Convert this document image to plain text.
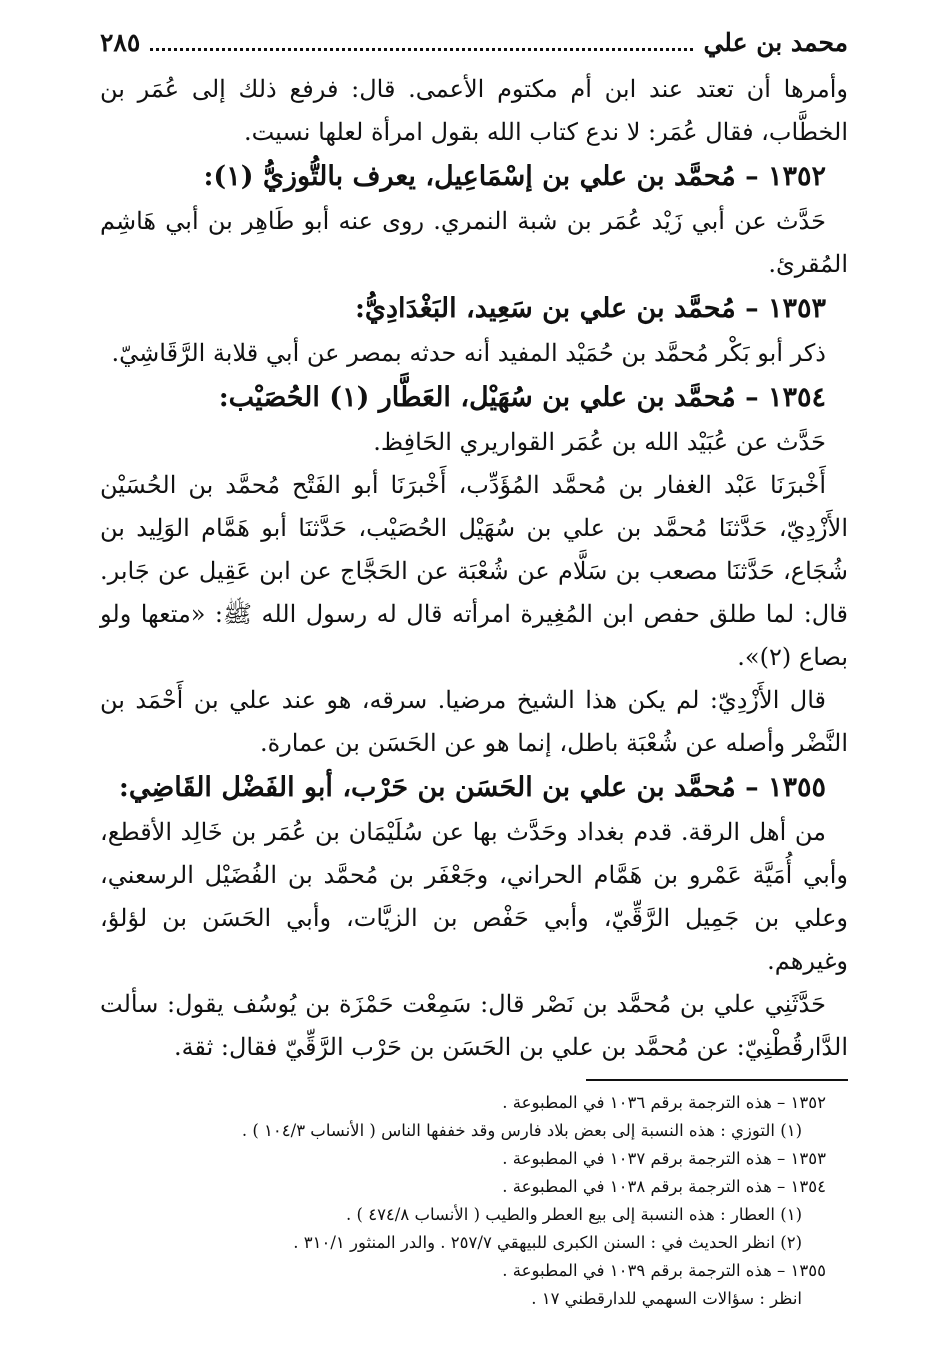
محمد بن علي
٢٨٥

وأمرها أن تعتد عند ابن أم مكتوم الأعمى. قال: فرفع ذلك إلى عُمَر بن الخطَّاب، فقال عُمَر: لا ندع كتاب الله بقول امرأة لعلها نسيت.

١٣٥٢ – مُحمَّد بن علي بن إسْمَاعِيل، يعرف بالتُّوزيُّ (١):

حَدَّث عن أبي زَيْد عُمَر بن شبة النمري. روى عنه أبو طَاهِر بن أبي هَاشِم المُقرئ.

١٣٥٣ – مُحمَّد بن علي بن سَعِيد، البَغْدَادِيُّ:

ذكر أبو بَكْر مُحمَّد بن حُمَيْد المفيد أنه حدثه بمصر عن أبي قلابة الرَّقَاشِيّ.

١٣٥٤ – مُحمَّد بن علي بن سُهَيْل، العَطَّار (١) الحُصَيْب:

حَدَّث عن عُبَيْد الله بن عُمَر القواريري الحَافِظ.

أَخْبرَنَا عَبْد الغفار بن مُحمَّد المُؤَدِّب، أَخْبرَنَا أبو الفَتْح مُحمَّد بن الحُسَيْن الأَزْدِيّ، حَدَّثنَا مُحمَّد بن علي بن سُهَيْل الحُصَيْب، حَدَّثنَا أبو هَمَّام الوَلِيد بن شُجَاع، حَدَّثنَا مصعب بن سَلَّام عن شُعْبَة عن الحَجَّاج عن ابن عَقِيل عن جَابر. قال: لما طلق حفص ابن المُغِيرة امرأته قال له رسول الله ﷺ: «متعها ولو بصاع (٢)».

قال الأَزْدِيّ: لم يكن هذا الشيخ مرضيا. سرقه، هو عند علي بن أَحْمَد بن النَّضْر وأصله عن شُعْبَة باطل، إنما هو عن الحَسَن بن عمارة.

١٣٥٥ – مُحمَّد بن علي بن الحَسَن بن حَرْب، أبو الفَضْل القَاضِي:

من أهل الرقة. قدم بغداد وحَدَّث بها عن سُلَيْمَان بن عُمَر بن خَالِد الأقطع، وأبي أُمَيَّة عَمْرو بن هَمَّام الحراني، وجَعْفَر بن مُحمَّد بن الفُضَيْل الرسعني، وعلي بن جَمِيل الرَّقِّيّ، وأبي حَفْص بن الزيَّات، وأبي الحَسَن بن لؤلؤ، وغيرهم.

حَدَّثَنِي علي بن مُحمَّد بن نَصْر قال: سَمِعْت حَمْزَة بن يُوسُف يقول: سألت الدَّارقُطْنِيّ: عن مُحمَّد بن علي بن الحَسَن بن حَرْب الرَّقِّيّ فقال: ثقة.

١٣٥٢ – هذه الترجمة برقم ١٠٣٦ في المطبوعة .

(١) التوزي : هذه النسبة إلى بعض بلاد فارس وقد خففها الناس ( الأنساب ١٠٤/٣ ) .

١٣٥٣ – هذه الترجمة برقم ١٠٣٧ في المطبوعة .

١٣٥٤ – هذه الترجمة برقم ١٠٣٨ في المطبوعة .

(١) العطار : هذه النسبة إلى بيع العطر والطيب ( الأنساب ٤٧٤/٨ ) .

(٢) انظر الحديث في : السنن الكبرى للبيهقي ٢٥٧/٧ . والدر المنثور ٣١٠/١ .

١٣٥٥ – هذه الترجمة برقم ١٠٣٩ في المطبوعة .

انظر : سؤالات السهمي للدارقطني ١٧ .
